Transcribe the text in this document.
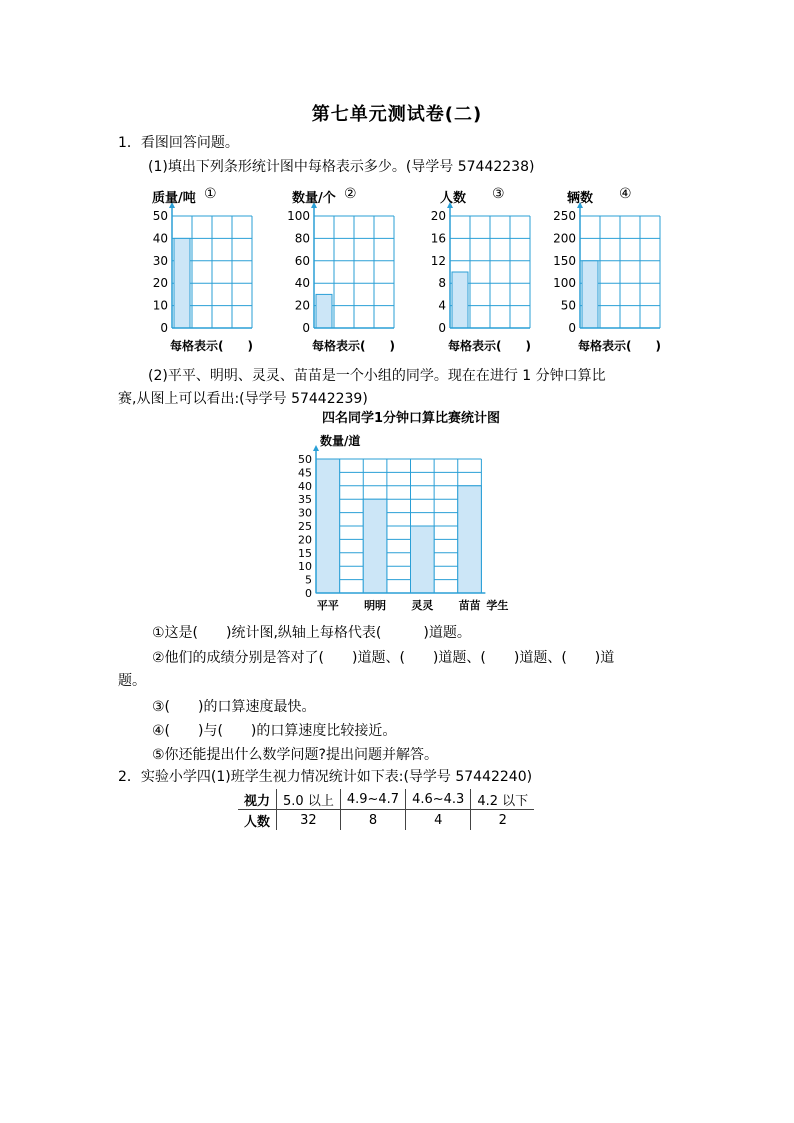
第七单元测试卷(二)
1．看图回答问题。
(1)填出下列条形统计图中每格表示多少。(导学号 57442238)
0
10
20
30
40
50
质量/吨 ①
每格表示(　　)
0
20
40
60
80
100
数量/个 ②
每格表示(　　)
0
4
8
12
16
20
人数 ③
每格表示(　　)
0
50
100
150
200
250
辆数 ④
每格表示(　　)
(2)平平、明明、灵灵、苗苗是一个小组的同学。现在在进行 1 分钟口算比
赛,从图上可以看出:(导学号 57442239)
0
5
10
15
20
25
30
35
40
45
50
数量/道
平平 明明 灵灵 苗苗 学生
四名同学1分钟口算比赛统计图
①这是(　　)统计图,纵轴上每格代表(　　　)道题。
②他们的成绩分别是答对了(　　)道题、(　　)道题、(　　)道题、(　　)道
题。
③(　　)的口算速度最快。
④(　　)与(　　)的口算速度比较接近。
⑤你还能提出什么数学问题?提出问题并解答。
2．实验小学四(1)班学生视力情况统计如下表:(导学号 57442240)
视力	5.0 以上	4.9~4.7	4.6~4.3	4.2 以下
人数	32	8	4	2
